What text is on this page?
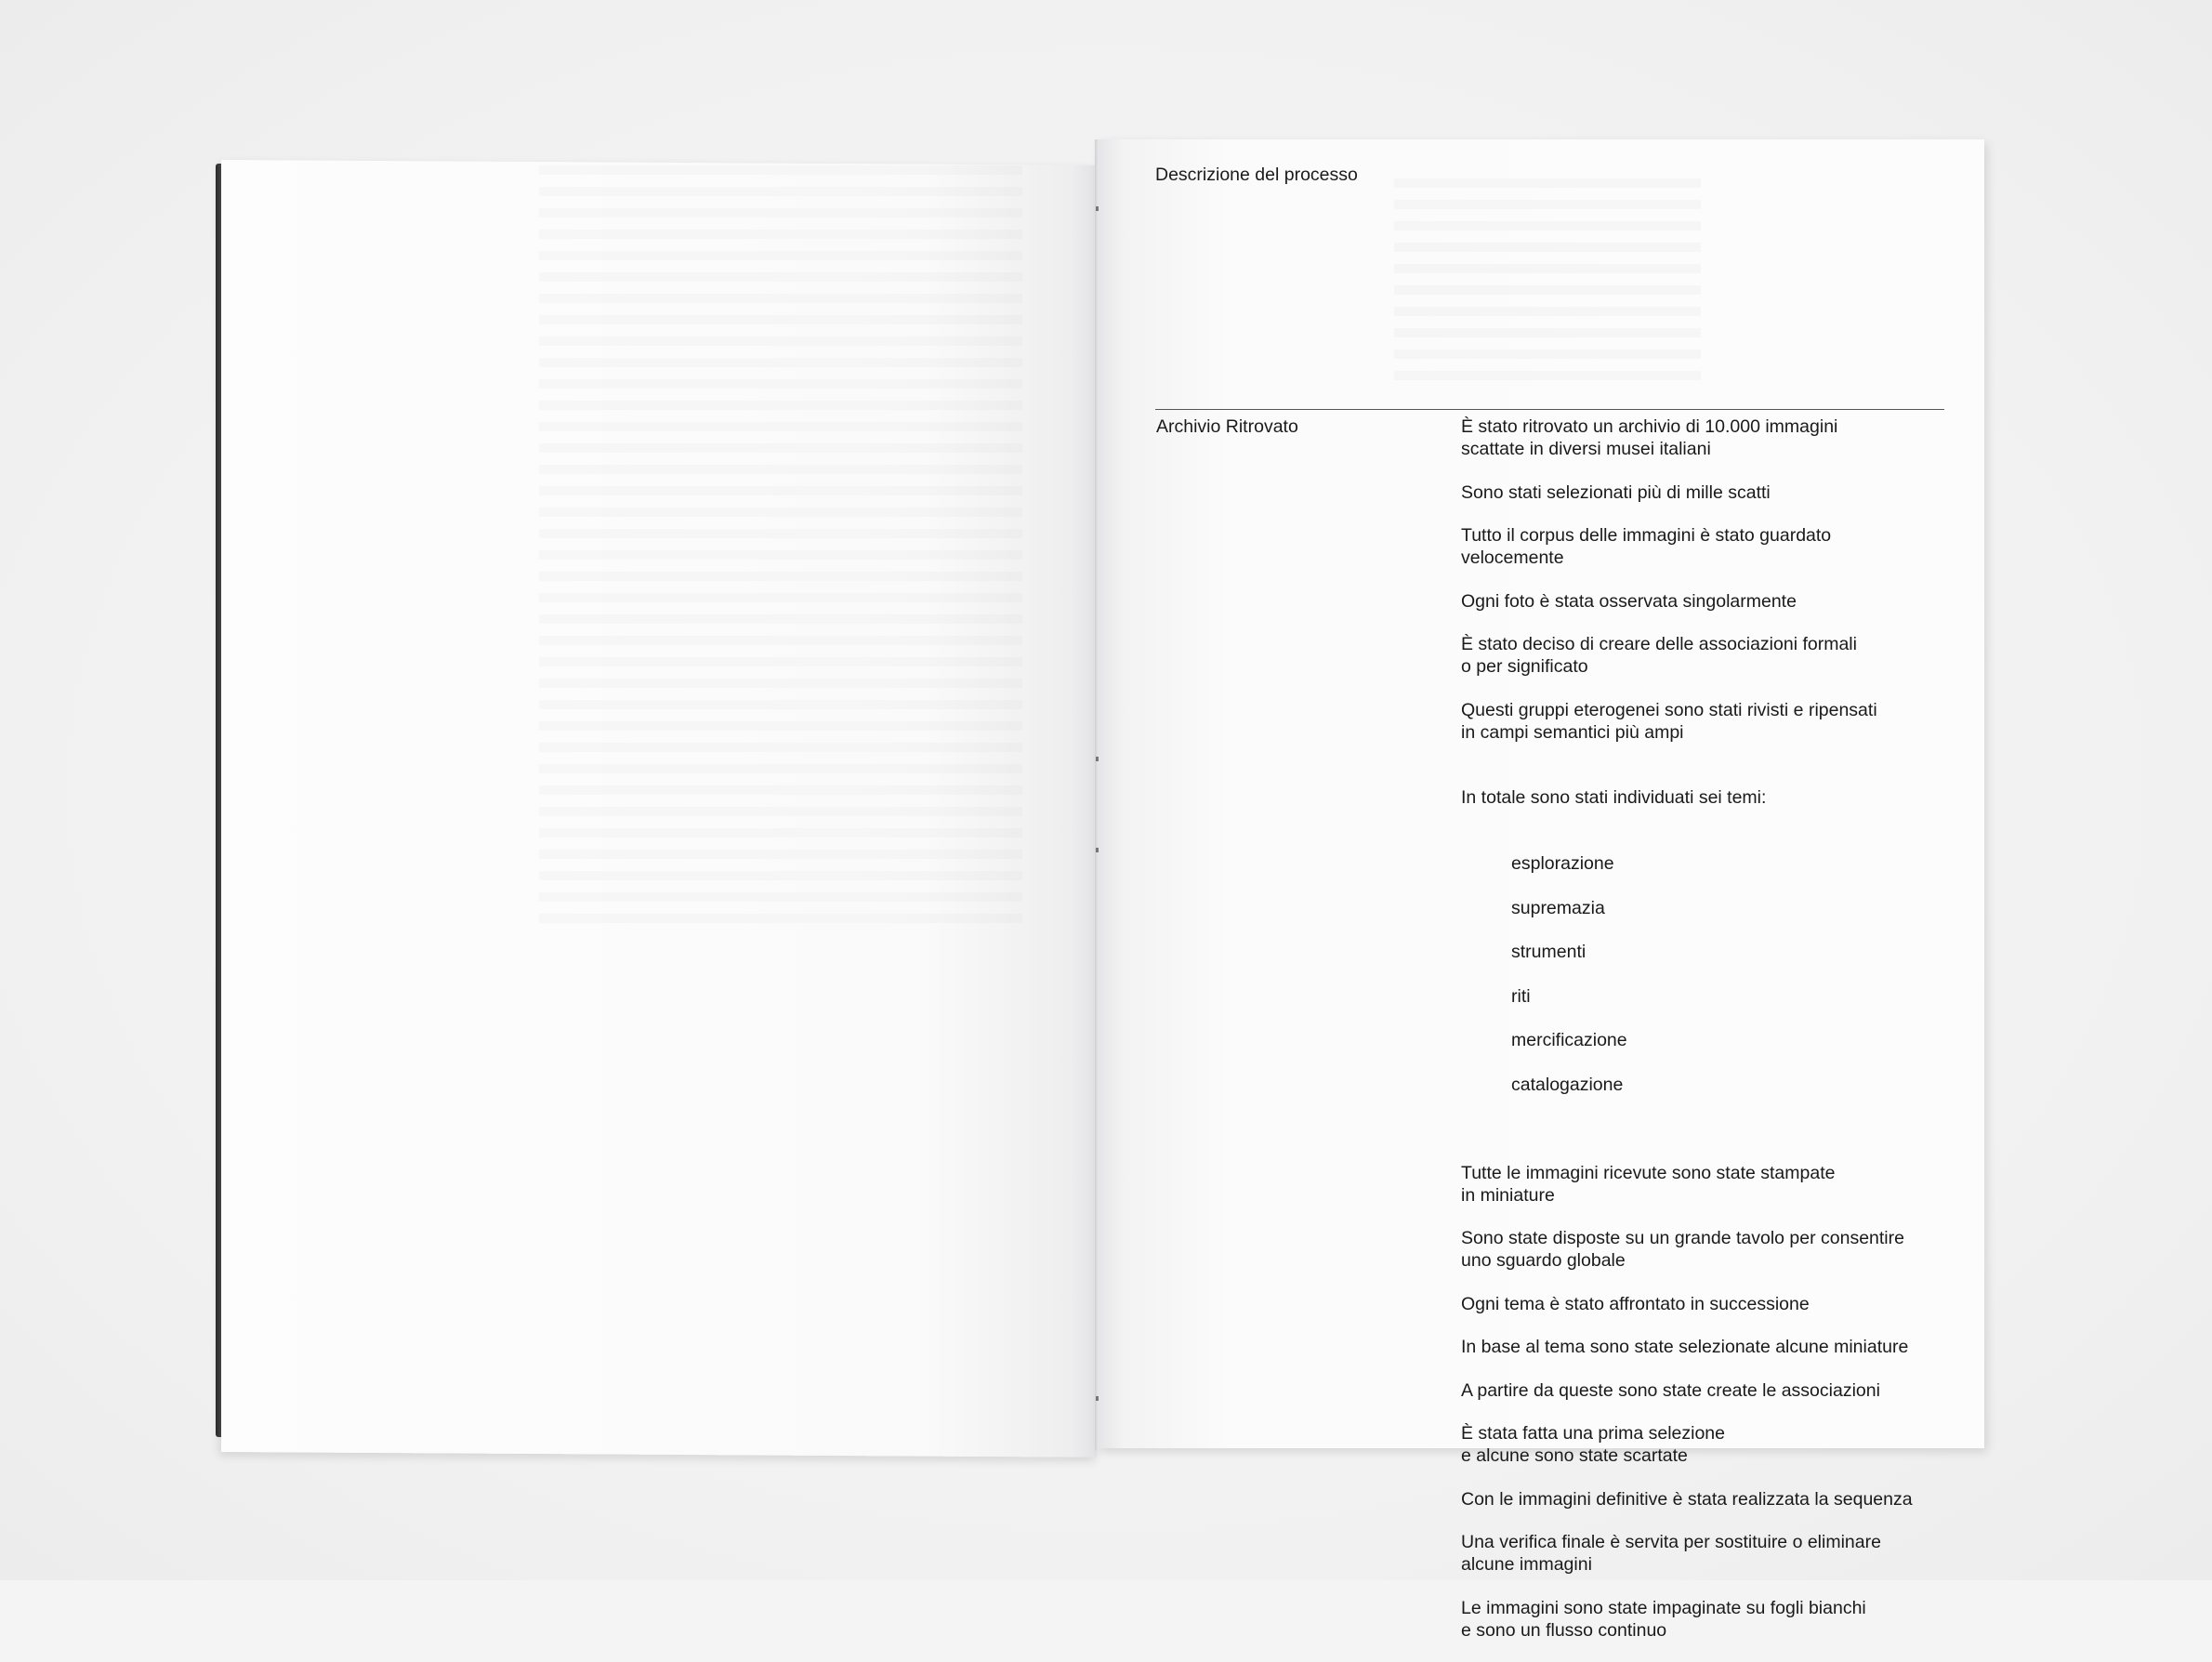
Descrizione del processo
Archivio Ritrovato	È stato ritrovato un archivio di 10.000 immagini
scattate in diversi musei italiani
Sono stati selezionati più di mille scatti
Tutto il corpus delle immagini è stato guardato
velocemente
Ogni foto è stata osservata singolarmente
È stato deciso di creare delle associazioni formali
o per significato
Questi gruppi eterogenei sono stati rivisti e ripensati
in campi semantici più ampi

In totale sono stati individuati sei temi:

esplorazione

supremazia

strumenti

riti

mercificazione

catalogazione

Tutte le immagini ricevute sono state stampate
in miniature
Sono state disposte su un grande tavolo per consentire
uno sguardo globale
Ogni tema è stato affrontato in successione
In base al tema sono state selezionate alcune miniature
A partire da queste sono state create le associazioni
È stata fatta una prima selezione
e alcune sono state scartate
Con le immagini definitive è stata realizzata la sequenza
Una verifica finale è servita per sostituire o eliminare
alcune immagini
Le immagini sono state impaginate su fogli bianchi
e sono un flusso continuo
